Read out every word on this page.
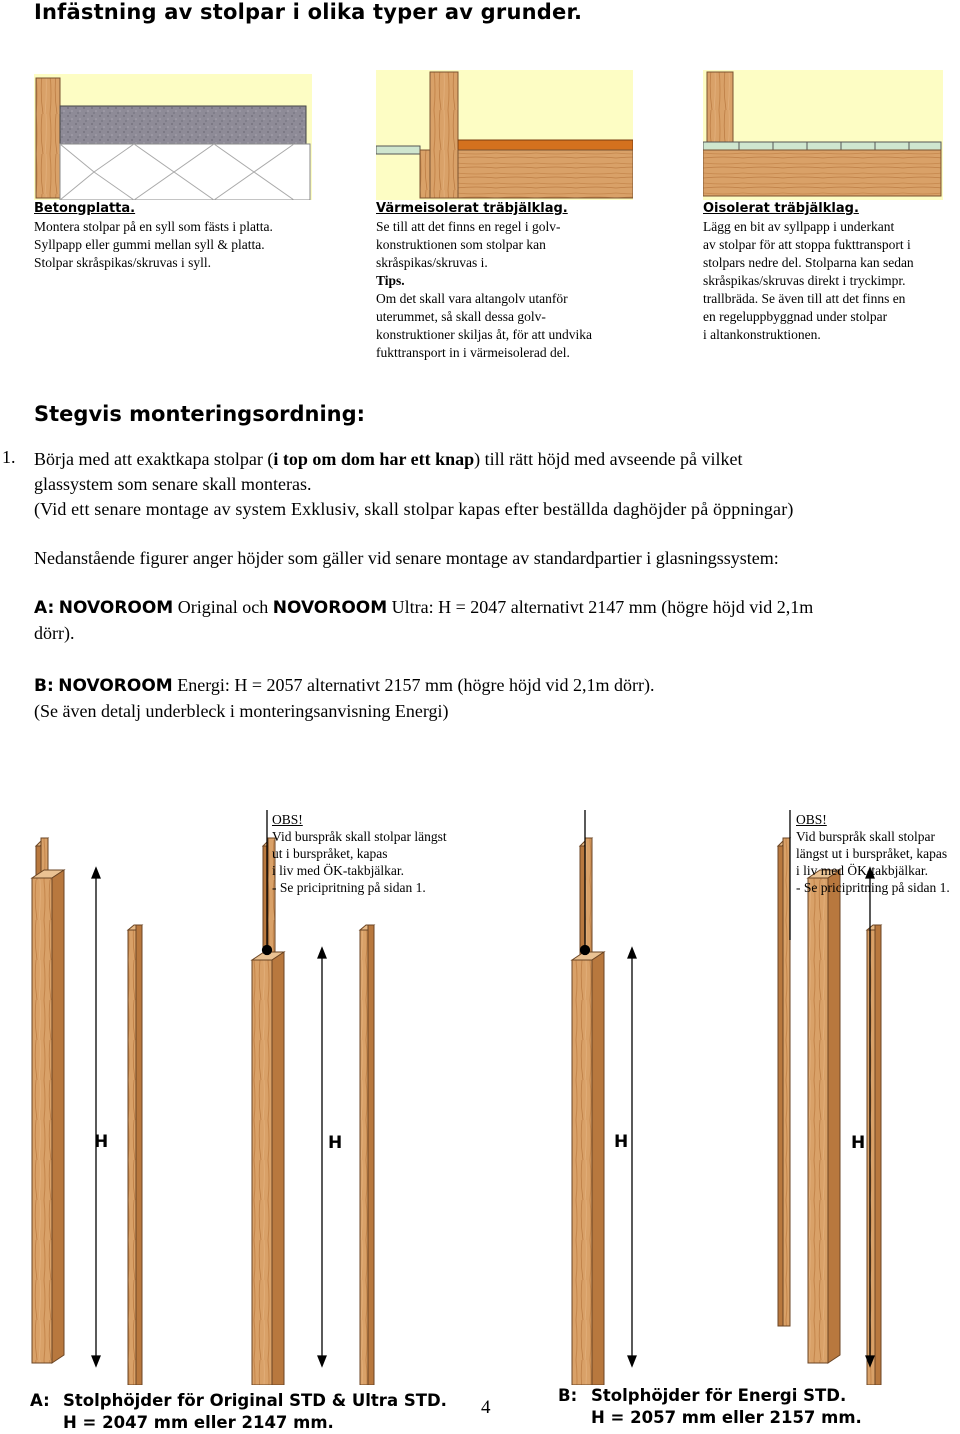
Infästning av stolpar i olika typer av grunder.

Betongplatta.

Montera stolpar på en syll som fästs i platta.

Syllpapp eller gummi mellan syll & platta.

Stolpar skråspikas/skruvas i syll.

Värmeisolerat träbjälklag.

Se till att det finns en regel i golv-

konstruktionen som stolpar kan

skråspikas/skruvas i.

Tips.

Om det skall vara altangolv utanför

uterummet, så skall dessa golv-

konstruktioner skiljas åt, för att undvika

fukttransport in i värmeisolerad del.

Oisolerat träbjälklag.

Lägg en bit av syllpapp i underkant

av stolpar för att stoppa fukttransport i

stolpars nedre del. Stolparna kan sedan

skråspikas/skruvas direkt i tryckimpr.

trallbräda. Se även till att det finns en

en regeluppbyggnad under stolpar

i altankonstruktionen.

Stegvis monteringsordning:
1. Börja med att exaktkapa stolpar (i top om dom har ett knap) till rätt höjd med avseende på vilket

glassystem som senare skall monteras.

(Vid ett senare montage av system Exklusiv, skall stolpar kapas efter beställda daghöjder på öppningar)

Nedanstående figurer anger höjder som gäller vid senare montage av standardpartier i glasningssystem:

A: NOVOROOM Original och NOVOROOM Ultra: H = 2047 alternativt 2147 mm (högre höjd vid 2,1m

dörr).

B: NOVOROOM Energi: H = 2057 alternativt 2157 mm (högre höjd vid 2,1m dörr).

(Se även detalj underbleck i monteringsanvisning Energi)

OBS!
Vid burspråk skall stolpar längst
ut i burspråket, kapas
i liv med ÖK-takbjälkar.
- Se pricipritning på sidan 1.
OBS!
Vid burspråk skall stolpar
längst ut i burspråket, kapas
i liv med ÖK-takbjälkar.
- Se pricipritning på sidan 1.
H	H	H	H
A: Stolphöjder för Original STD & Ultra STD.
H = 2047 mm eller 2147 mm.
4
B: Stolphöjder för Energi STD.
H = 2057 mm eller 2157 mm.
